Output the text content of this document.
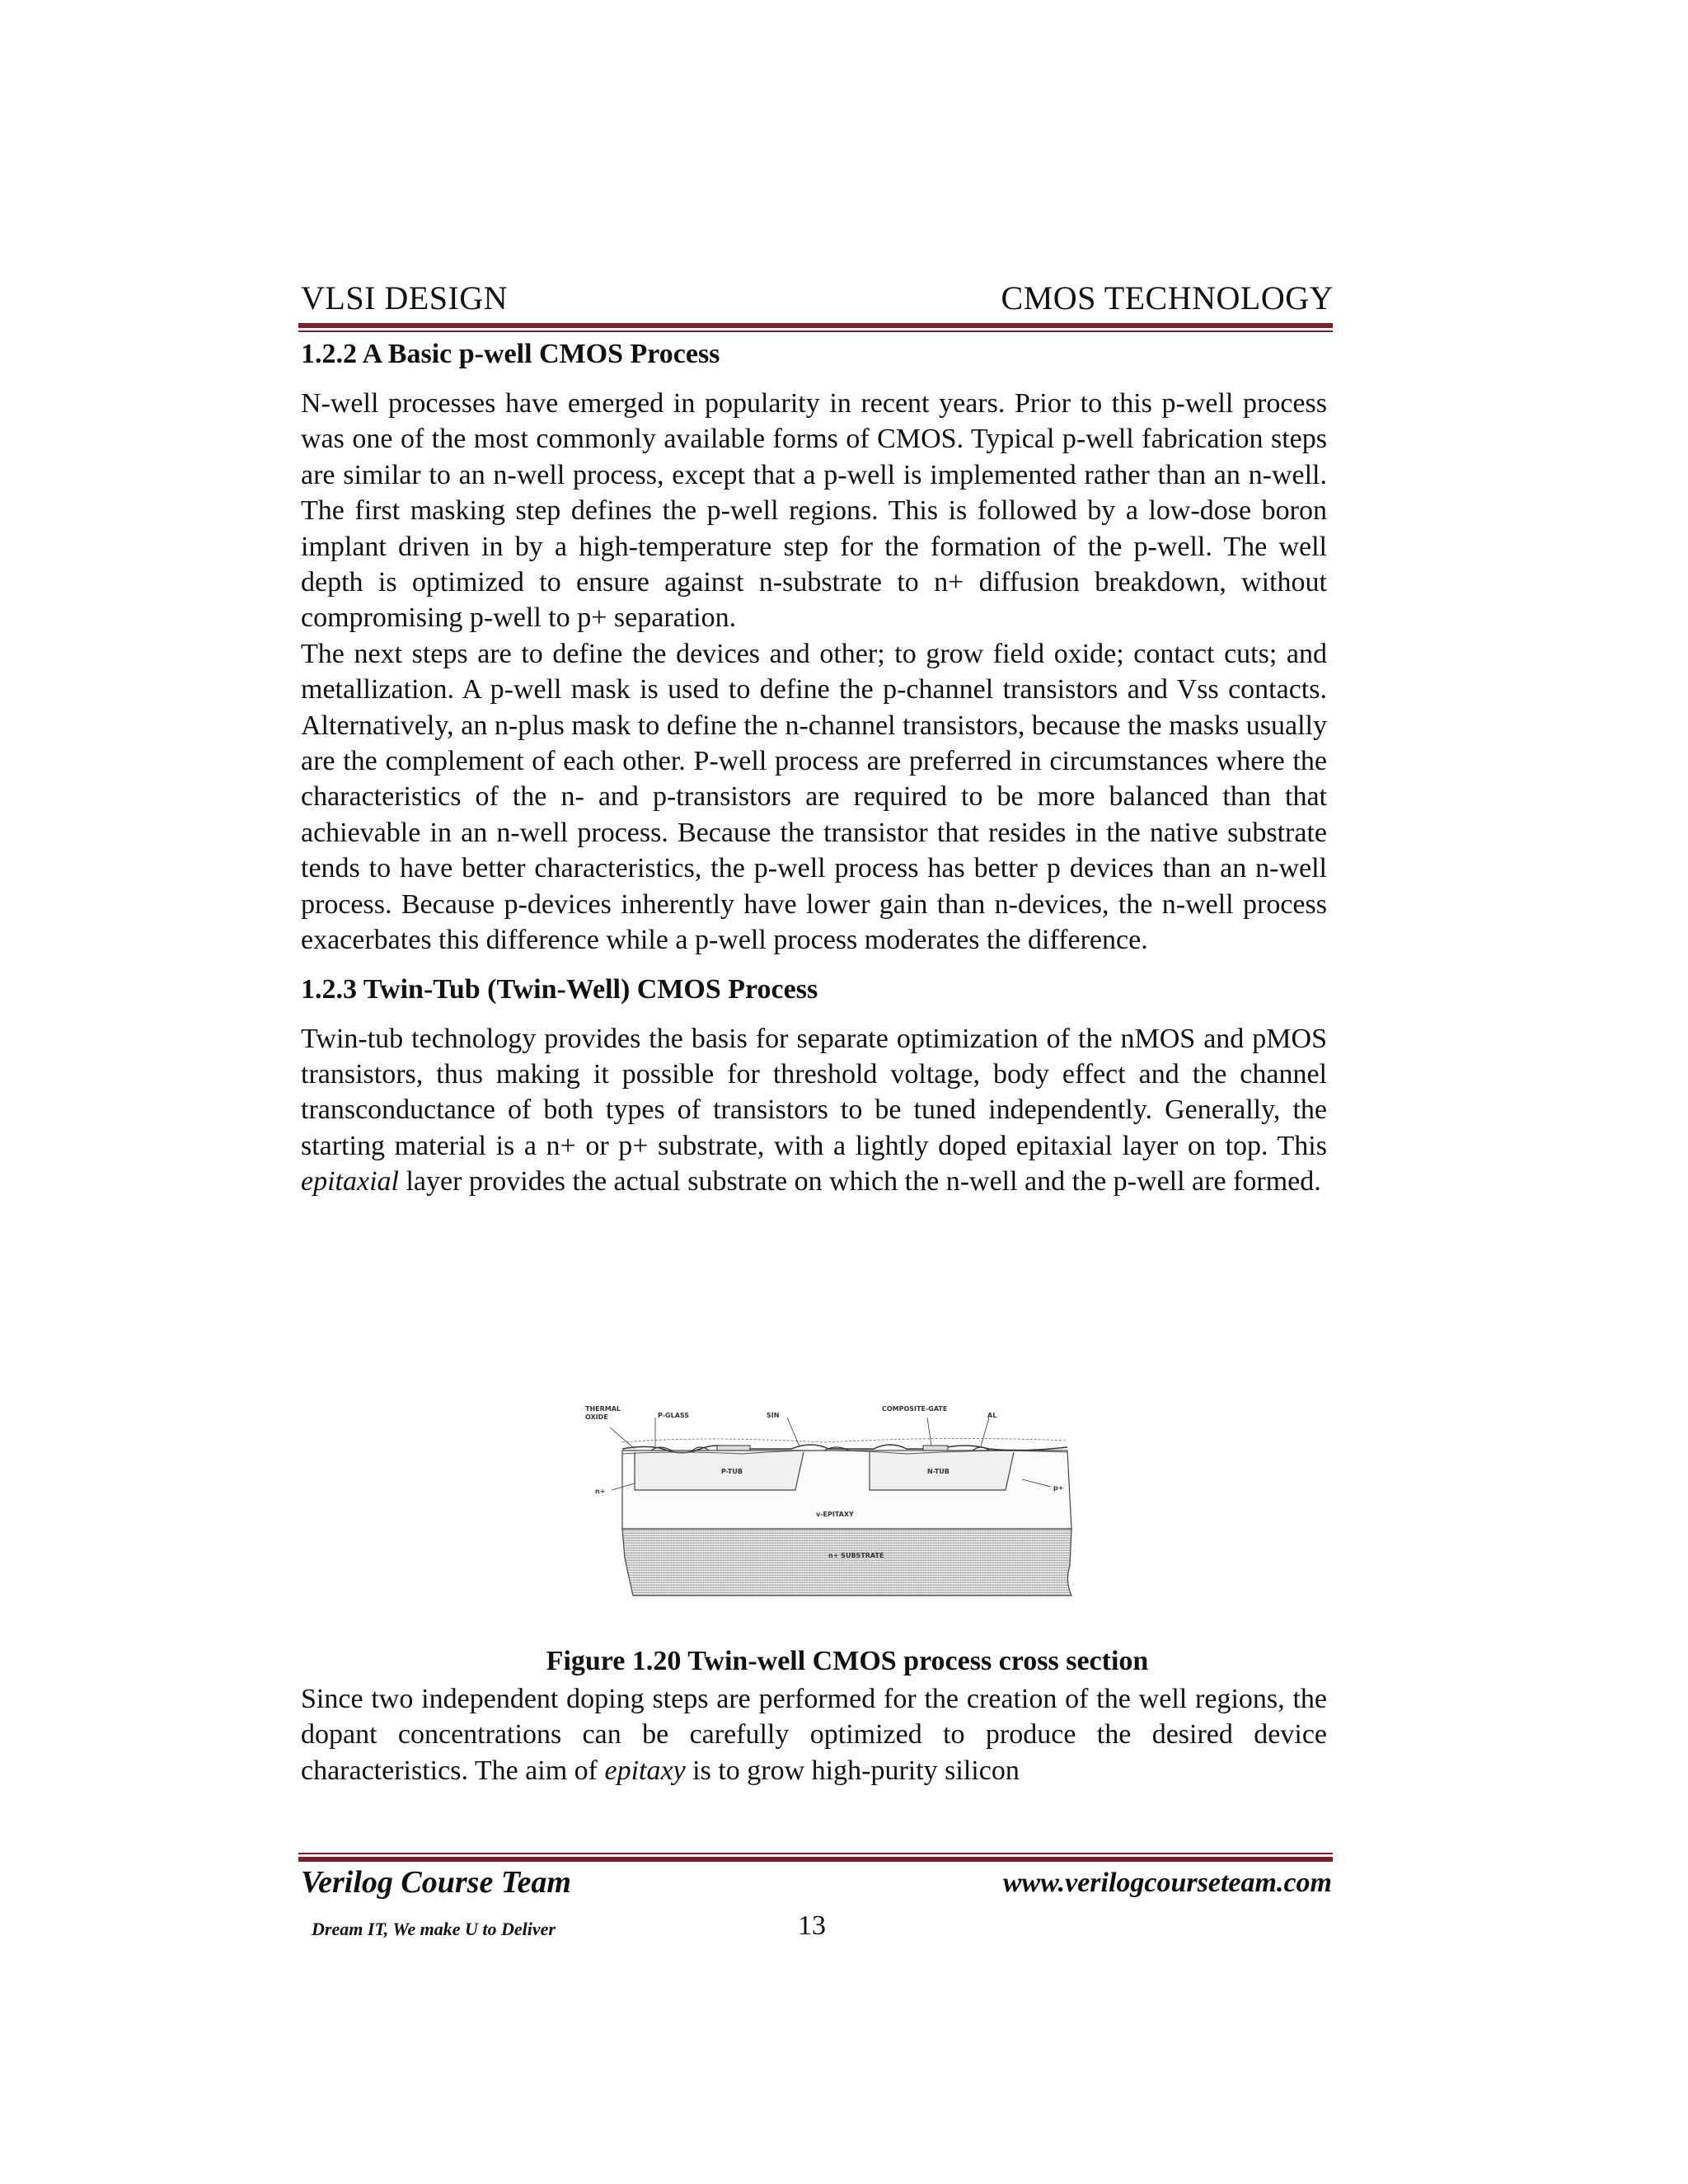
VLSI DESIGN	CMOS TECHNOLOGY
1.2.2 A Basic p-well CMOS Process

N-well processes have emerged in popularity in recent years. Prior to this p-well process was one of the most commonly available forms of CMOS. Typical p-well fabrication steps are similar to an n-well process, except that a p-well is implemented rather than an n-well. The first masking step defines the p-well regions. This is followed by a low-dose boron implant driven in by a high-temperature step for the formation of the p-well. The well depth is optimized to ensure against n-substrate to n+ diffusion breakdown, without compromising p-well to p+ separation.

The next steps are to define the devices and other; to grow field oxide; contact cuts; and metallization. A p-well mask is used to define the p-channel transistors and Vss contacts. Alternatively, an n-plus mask to define the n-channel transistors, because the masks usually are the complement of each other. P-well process are preferred in circumstances where the characteristics of the n- and p-transistors are required to be more balanced than that achievable in an n-well process. Because the transistor that resides in the native substrate tends to have better characteristics, the p-well process has better p devices than an n-well process. Because p-devices inherently have lower gain than n-devices, the n-well process exacerbates this difference while a p-well process moderates the difference.

1.2.3 Twin-Tub (Twin-Well) CMOS Process

Twin-tub technology provides the basis for separate optimization of the nMOS and pMOS transistors, thus making it possible for threshold voltage, body effect and the channel transconductance of both types of transistors to be tuned independently. Generally, the starting material is a n+ or p+ substrate, with a lightly doped epitaxial layer on top. This epitaxial layer provides the actual substrate on which the n-well and the p-well are formed.

THERMAL
OXIDE	P-GLASS	SIN
COMPOSITE-GATE
AL
P-TUB	N-TUB
n+	p+
v-EPITAXY
n+ SUBSTRATE
Figure 1.20 Twin-well CMOS process cross section

Since two independent doping steps are performed for the creation of the well regions, the dopant concentrations can be carefully optimized to produce the desired device characteristics. The aim of epitaxy is to grow high-purity silicon

Verilog Course Team	www.verilogcourseteam.com
Dream IT, We make U to Deliver	13
